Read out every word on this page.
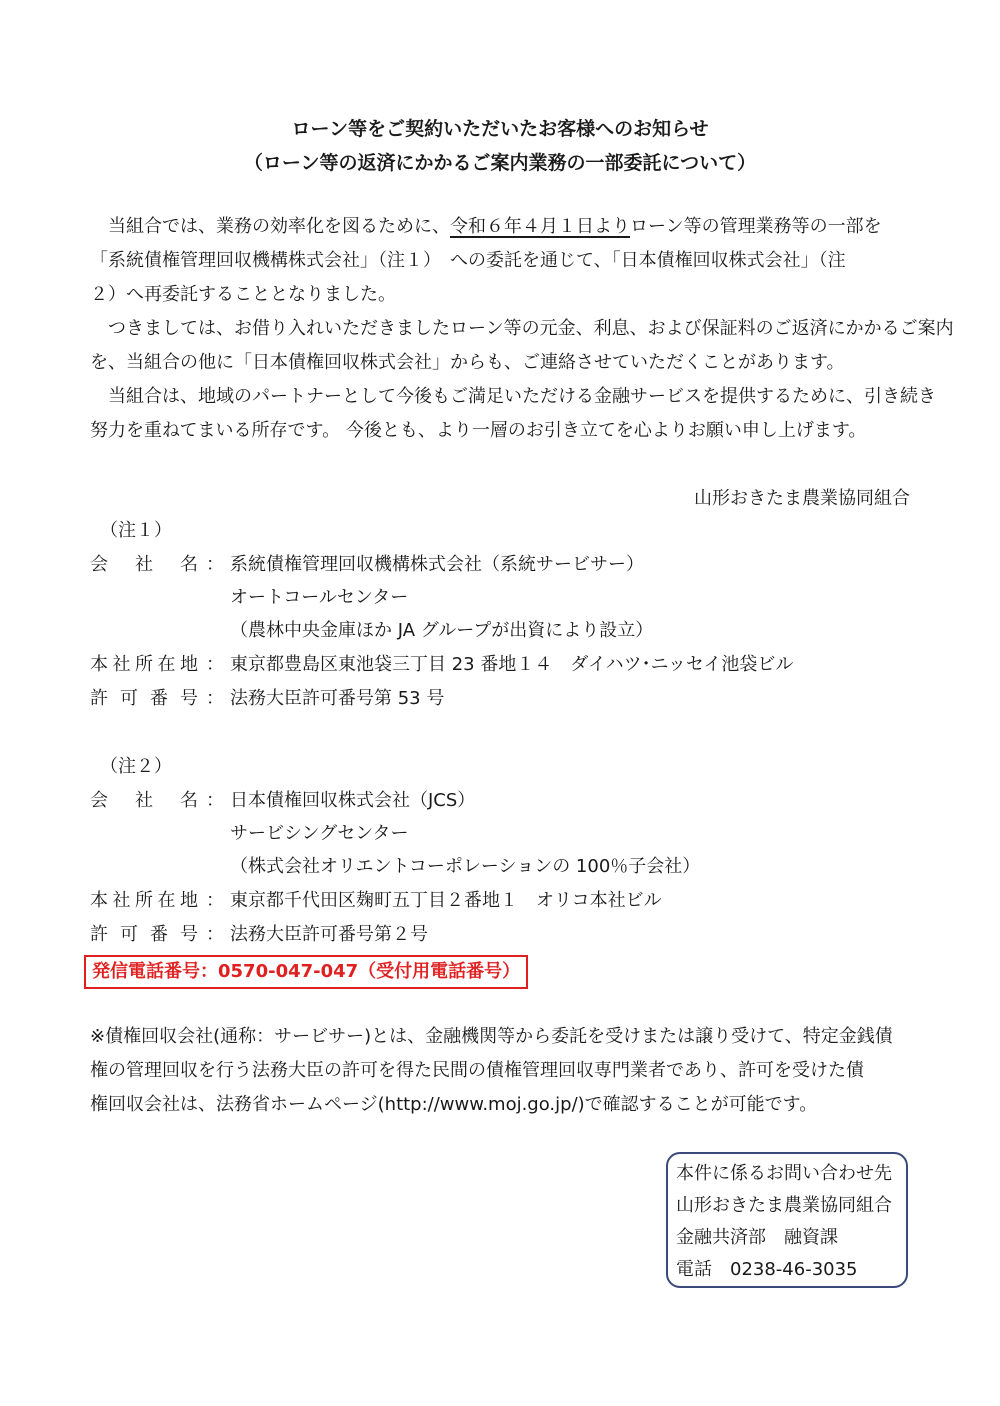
ローン等をご契約いただいたお客様へのお知らせ
（ローン等の返済にかかるご案内業務の一部委託について）

　当組合では、業務の効率化を図るために、令和６年４月１日よりローン等の管理業務等の一部を

「系統債権管理回収機構株式会社」（注１）　への委託を通じて、「日本債権回収株式会社」（注

２）へ再委託することとなりました。

　つきましては、お借り入れいただきましたローン等の元金、利息、および保証料のご返済にかかるご案内

を、当組合の他に「日本債権回収株式会社」からも、ご連絡させていただくことがあります。

　当組合は、地域のパートナーとして今後もご満足いただける金融サービスを提供するために、引き続き

努力を重ねてまいる所存です。 今後とも、より一層のお引き立てを心よりお願い申し上げます。

山形おきたま農業協同組合
（注１）
会社名 ： 系統債権管理回収機構株式会社（系統サービサー）
オートコールセンター
（農林中央金庫ほか JA グループが出資により設立）
本社所在地 ： 東京都豊島区東池袋三丁目 23 番地１４　ダイハツ･ニッセイ池袋ビル
許可番号 ： 法務大臣許可番号第 53 号
（注２）
会社名 ： 日本債権回収株式会社（JCS）
サービシングセンター
（株式会社オリエントコーポレーションの 100％子会社）
本社所在地 ： 東京都千代田区麹町五丁目２番地１　オリコ本社ビル
許可番号 ： 法務大臣許可番号第２号
発信電話番号：0570-047-047（受付用電話番号）

※債権回収会社(通称：サービサー)とは、金融機関等から委託を受けまたは譲り受けて、特定金銭債

権の管理回収を行う法務大臣の許可を得た民間の債権管理回収専門業者であり、許可を受けた債

権回収会社は、法務省ホームページ(http://www.moj.go.jp/)で確認することが可能です。

本件に係るお問い合わせ先
山形おきたま農業協同組合
金融共済部　融資課
電話　0238-46-3035
